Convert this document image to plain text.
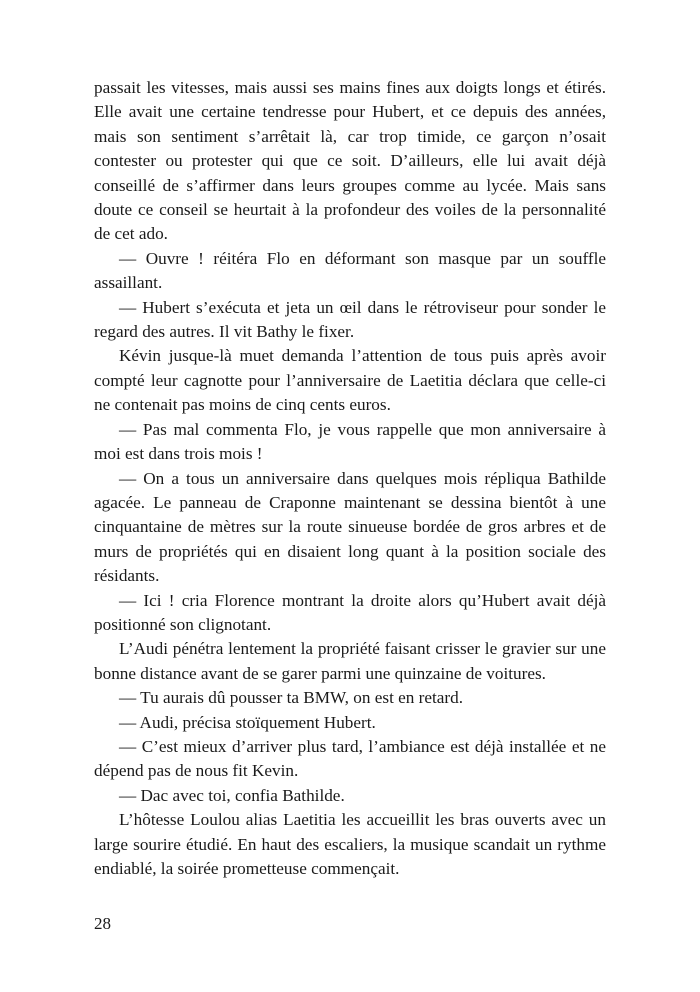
passait les vitesses, mais aussi ses mains fines aux doigts longs et étirés. Elle avait une certaine tendresse pour Hubert, et ce depuis des années, mais son sentiment s’arrêtait là, car trop timide, ce garçon n’osait contester ou protester qui que ce soit. D’ailleurs, elle lui avait déjà conseillé de s’affirmer dans leurs groupes comme au lycée. Mais sans doute ce conseil se heurtait à la profondeur des voiles de la personnalité de cet ado.

— Ouvre ! réitéra Flo en déformant son masque par un souffle assaillant.

— Hubert s’exécuta et jeta un œil dans le rétroviseur pour sonder le regard des autres. Il vit Bathy le fixer.

Kévin jusque-là muet demanda l’attention de tous puis après avoir compté leur cagnotte pour l’anniversaire de Laetitia déclara que celle-ci ne contenait pas moins de cinq cents euros.

— Pas mal commenta Flo, je vous rappelle que mon anniversaire à moi est dans trois mois !

— On a tous un anniversaire dans quelques mois répliqua Bathilde agacée. Le panneau de Craponne maintenant se dessina bientôt à une cinquantaine de mètres sur la route sinueuse bordée de gros arbres et de murs de propriétés qui en disaient long quant à la position sociale des résidants.

— Ici ! cria Florence montrant la droite alors qu’Hubert avait déjà positionné son clignotant.

L’Audi pénétra lentement la propriété faisant crisser le gravier sur une bonne distance avant de se garer parmi une quinzaine de voitures.

— Tu aurais dû pousser ta BMW, on est en retard.

— Audi, précisa stoïquement Hubert.

— C’est mieux d’arriver plus tard, l’ambiance est déjà installée et ne dépend pas de nous fit Kevin.

— Dac avec toi, confia Bathilde.

L’hôtesse Loulou alias Laetitia les accueillit les bras ouverts avec un large sourire étudié. En haut des escaliers, la musique scandait un rythme endiablé, la soirée prometteuse commençait.

28
